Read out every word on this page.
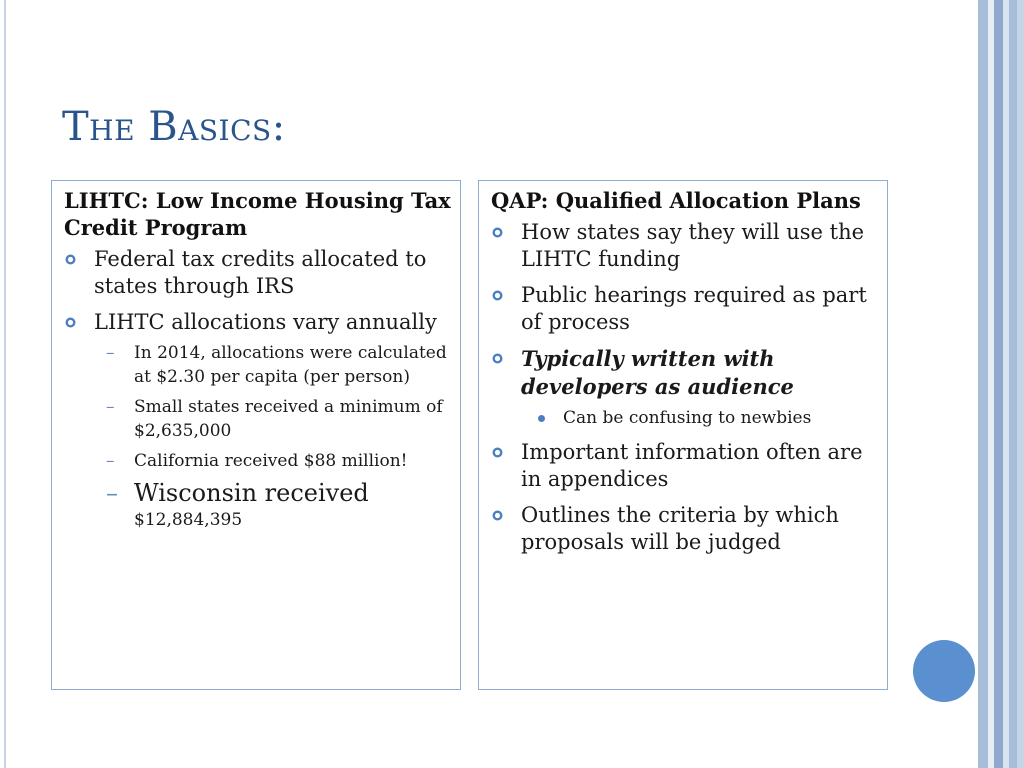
The Basics:
LIHTC: Low Income Housing Tax Credit Program
Federal tax credits allocated to states through IRS
LIHTC allocations vary annually
– In 2014, allocations were calculated at $2.30 per capita (per person)
– Small states received a minimum of $2,635,000
– California received $88 million!
– Wisconsin received
$12,884,395
QAP: Qualified Allocation Plans
How states say they will use the LIHTC funding
Public hearings required as part of process
Typically written with developers as audience
Can be confusing to newbies
Important information often are in appendices
Outlines the criteria by which proposals will be judged
